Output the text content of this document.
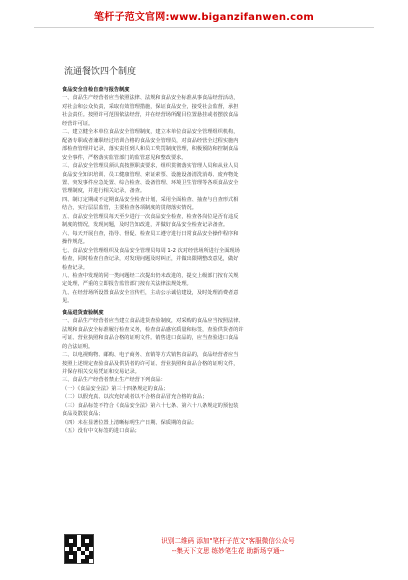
笔杆子范文官网:www.biganzifanwen.com
流通餐饮四个制度

食品安全自检自查与报告制度

一、食品生产经营者应当依照法律、法规和食品安全标准从事食品经营活动，

对社会和公众负责，采取有效管理措施，保证食品安全，接受社会监督，承担

社会责任。按照许可范围依法经营，并在经营场所醒目位置悬挂或者摆放食品

经营许可证。

二、建立健全本单位食品安全管理制度，建立本单位食品安全管理组织机构，

配备专职或者兼职经过培训合格的食品安全管理员，对食品经营全过程实施内

部检查管理并记录，落实责任到人和员工奖罚制度管理，积极预防和控制食品

安全事件，严格落实监管部门的监管意见和整改要求。

三、食品安全管理员须认真按照职责要求，组织贯彻落实管理人员和从业人员

食品安全知识培训、员工健康管理、索证索票、设施设备清洗消毒、废弃物处

置、突发事件应急处置、综合检查、设备管理、环境卫生管理等各项食品安全

管理制度，并进行相关记录，备查。

四、制订定期或不定期食品安全检查计划，采用全面检查、抽查与自查形式相

结合，实行层层监管，主要检查各项制度的贯彻落实情况。

五、食品安全管理员每天至少进行一次食品安全检查，检查各岗位是否有违反

制度的情况，发现问题，及时告知改进，并做好食品安全检查记录备查。

六、每天开展自查，指导、督促、检查员工遵守进行日常食品安全操作程序和

操作规范。

七、食品安全管理组织及食品安全管理员每周 1-2 次对经营场所进行全面现场

检查，同时检查自查记录，对发现问题及时纠正，并做出限期整改意见，做好

检查记录。

八、检查中发现的同一类问题经二次提出仍未改进的，提交上级部门按有关规

定处理，严重的立即报告监管部门按有关法律法规处理。

九、在经营场所设置食品安全宣传栏，主动公示诚信建设，及时处理消费者意

见。

食品进货查验制度

一、食品生产经营者应当建立食品进货查验制度，对采购的食品应当按照法律、

法规和食品安全标准履行检查义务，检查食品感官质量和标签，查验供货者的许

可证、营业执照和食品合格的证明文件。销售进口食品的，应当查验进口食品

的合法证明。

二、以电视购物、邮购、电子商务、直销等方式销售食品的，食品经营者应当

按照上述规定查验食品及供货者的许可证、营业执照和食品合格的证明文件，

并保存相关交易凭证和交易记录。

三、食品生产经营者禁止生产经营下列食品：

（一）《食品安全法》第三十四条规定的食品；

（二）以假充真、以次充好或者以不合格食品冒充合格的食品；

（三）食品标签不符合《食品安全法》第六十七条、第六十八条规定的预包装

食品及散装食品；

（四）未在显著位置上清晰标明生产日期、保质期的食品；

（五）没有中文标签的进口食品；

识别二维码 添加"笔杆子范文"客服微信公众号
--集天下文思 练妙笔生花 助新场亨通--
